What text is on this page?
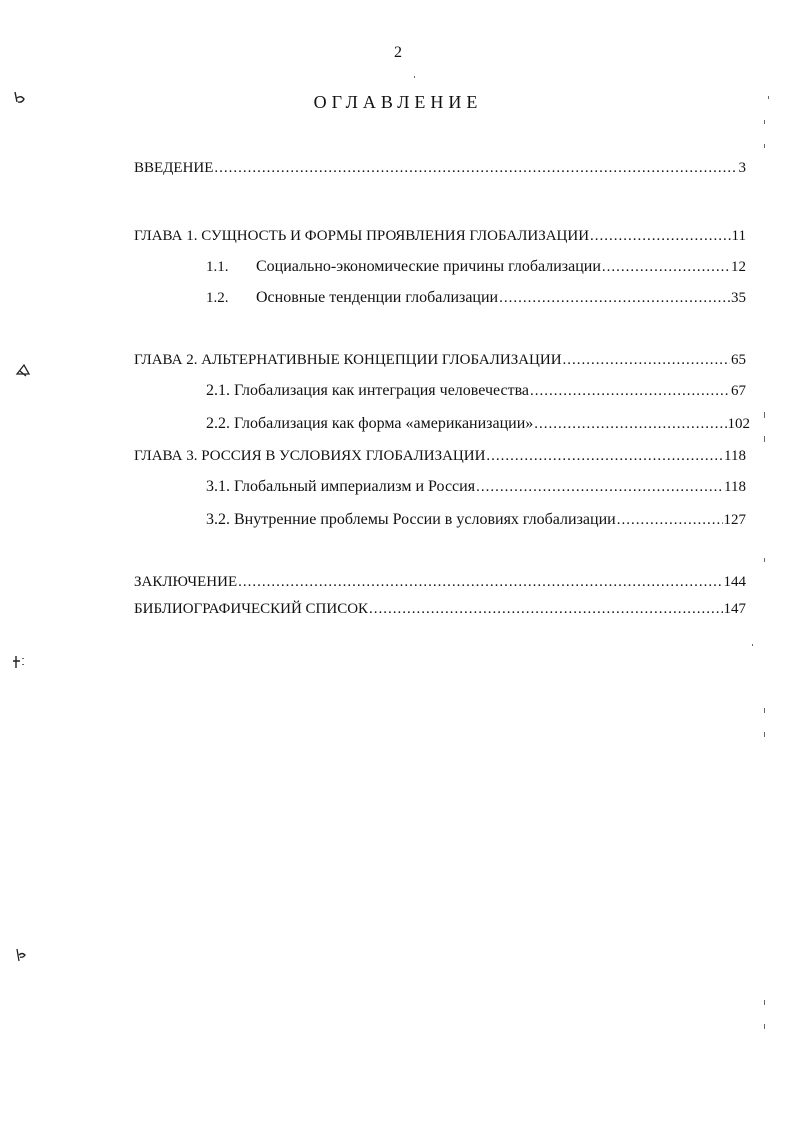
2
ОГЛАВЛЕНИЕ
ВВЕДЕНИЕ .....	3
ГЛАВА 1. СУЩНОСТЬ И ФОРМЫ ПРОЯВЛЕНИЯ ГЛОБАЛИЗАЦИИ .....	11
1.1.	Социально-экономические причины глобализации .....	12
1.2.	Основные тенденции глобализации .....	35
ГЛАВА 2. АЛЬТЕРНАТИВНЫЕ КОНЦЕПЦИИ ГЛОБАЛИЗАЦИИ .....	65
2.1. Глобализация как интеграция человечества .....	67
2.2. Глобализация как форма «американизации» .....	102
ГЛАВА 3. РОССИЯ В УСЛОВИЯХ ГЛОБАЛИЗАЦИИ .....	118
3.1. Глобальный империализм и Россия .....	118
3.2. Внутренние проблемы России в условиях глобализации .....	127
ЗАКЛЮЧЕНИЕ .....	144
БИБЛИОГРАФИЧЕСКИЙ СПИСОК .....	147
